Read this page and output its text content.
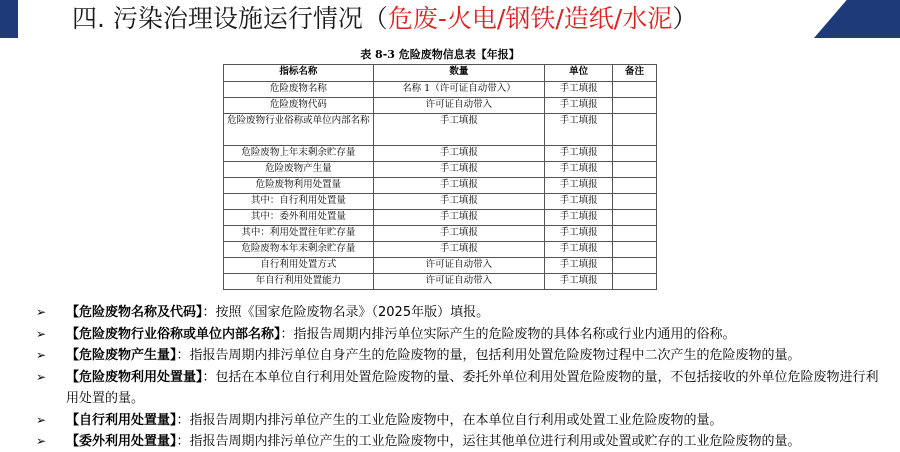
四. 污染治理设施运行情况（危废-火电/钢铁/造纸/水泥）
表 8-3 危险废物信息表【年报】
指标名称	数量	单位	备注
危险废物名称	名称 1（许可证自动带入）	手工填报	
危险废物代码	许可证自动带入	手工填报	
危险废物行业俗称或单位内部名称	手工填报	手工填报	
危险废物上年末剩余贮存量	手工填报	手工填报	
危险废物产生量	手工填报	手工填报	
危险废物利用处置量	手工填报	手工填报	
其中：自行利用处置量	手工填报	手工填报	
其中：委外利用处置量	手工填报	手工填报	
其中：利用处置往年贮存量	手工填报	手工填报	
危险废物本年末剩余贮存量	手工填报	手工填报	
自行利用处置方式	许可证自动带入	手工填报	
年自行利用处置能力	许可证自动带入	手工填报	
➢ 【危险废物名称及代码】：按照《国家危险废物名录》（2025年版）填报。
➢ 【危险废物行业俗称或单位内部名称】：指报告周期内排污单位实际产生的危险废物的具体名称或行业内通用的俗称。
➢ 【危险废物产生量】：指报告周期内排污单位自身产生的危险废物的量，包括利用处置危险废物过程中二次产生的危险废物的量。
➢ 【危险废物利用处置量】：包括在本单位自行利用处置危险废物的量、委托外单位利用处置危险废物的量，不包括接收的外单位危险废物进行利用处置的量。
➢ 【自行利用处置量】：指报告周期内排污单位产生的工业危险废物中，在本单位自行利用或处置工业危险废物的量。
➢ 【委外利用处置量】：指报告周期内排污单位产生的工业危险废物中，运往其他单位进行利用或处置或贮存的工业危险废物的量。
